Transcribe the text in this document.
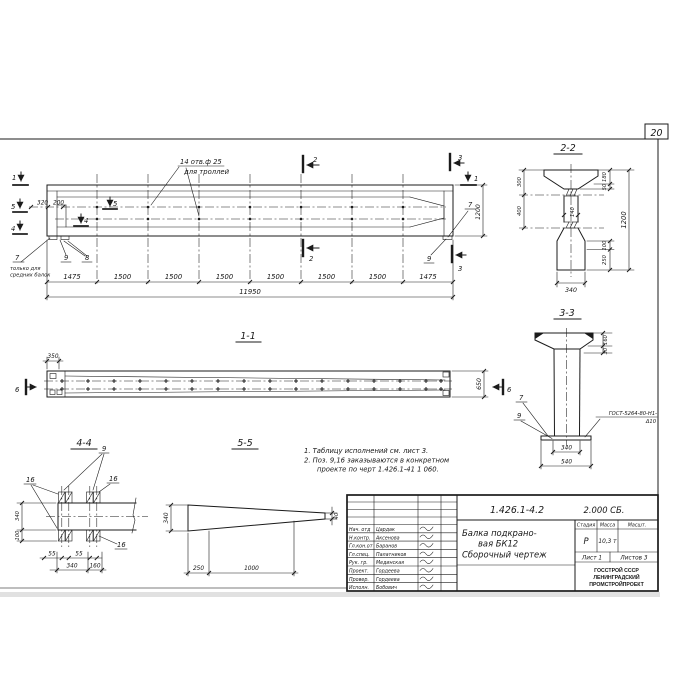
20
14 отв.ф 25
для троллей
2
2
3
3
1	1
5
4
5
4
7
только для
средних балок
9 8
7
9
320 200
1475	1500	1500	1500	1500	1500	1500	1475
11950
1200
2-2
300
400
180
50
100
250
1200
340
140
3-3
160
30
340
540
7
9	ГОСТ-5264-80-Н1-
Δ10
1-1
350
650
6	6
4-4 9
16	16
16
340
100
55	55
340 160
5-5
340
250	1000
40
1. Таблицу исполнений см. лист 3.
2. Поз. 9,16 заказываются в конкретном
проекте по черт 1.426.1-41 1 060.
1.426.1-4.2	2.000 СБ.
Балка подкрано-
вая БК12
Сборочный чертеж
Стадия Масса	Масшт.
Р 10,3 т
Лист 1	Листов 3
ГОССТРОЙ СССР
ЛЕНИНГРАДСКИЙ
ПРОМСТРОЙПРОЕКТ
Нач. отд Цардак
Н.контр. Аксенова
Гл.кон.от Баранов
Гл.спец. Палатников
Рук. гр. Мединская
Проект. Гордеева
Провер. Гордеева
Исполн. Бобович
